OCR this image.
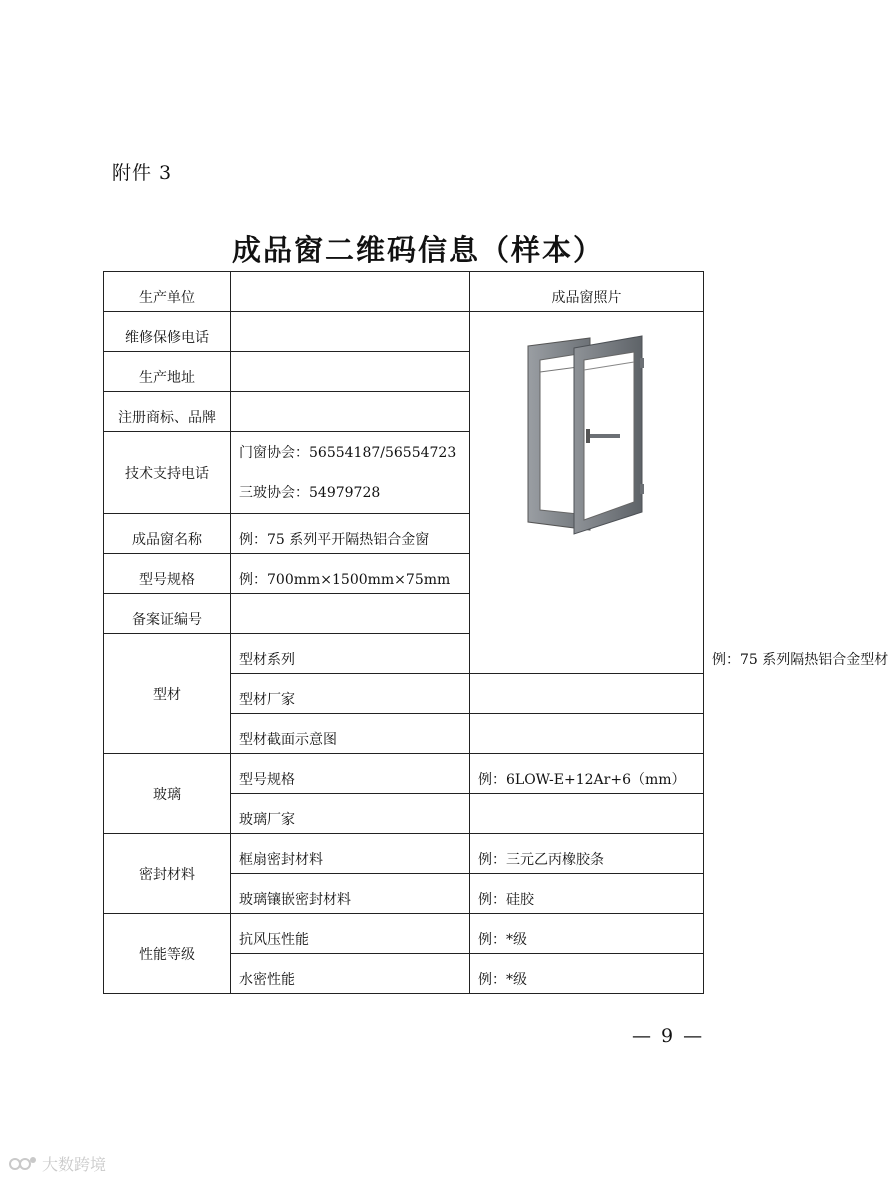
附件 3
成品窗二维码信息（样本）
生产单位		成品窗照片	
维修保修电话		

生产地址			
注册商标、品牌			
技术支持电话	门窗协会：56554187/56554723
三玻协会：54979728		

成品窗名称	例：75 系列平开隔热铝合金窗		
型号规格	例：700mm×1500mm×75mm		
备案证编号			
型材	型材系列		例：75 系列隔热铝合金型材
	型材厂家		
	型材截面示意图		
玻璃	型号规格	例：6LOW-E+12Ar+6（mm）	
	玻璃厂家		
密封材料	框扇密封材料	例：三元乙丙橡胶条	
	玻璃镶嵌密封材料	例：硅胶	
性能等级	抗风压性能	例：*级	
	水密性能	例：*级	
— 9 —
大数跨境
